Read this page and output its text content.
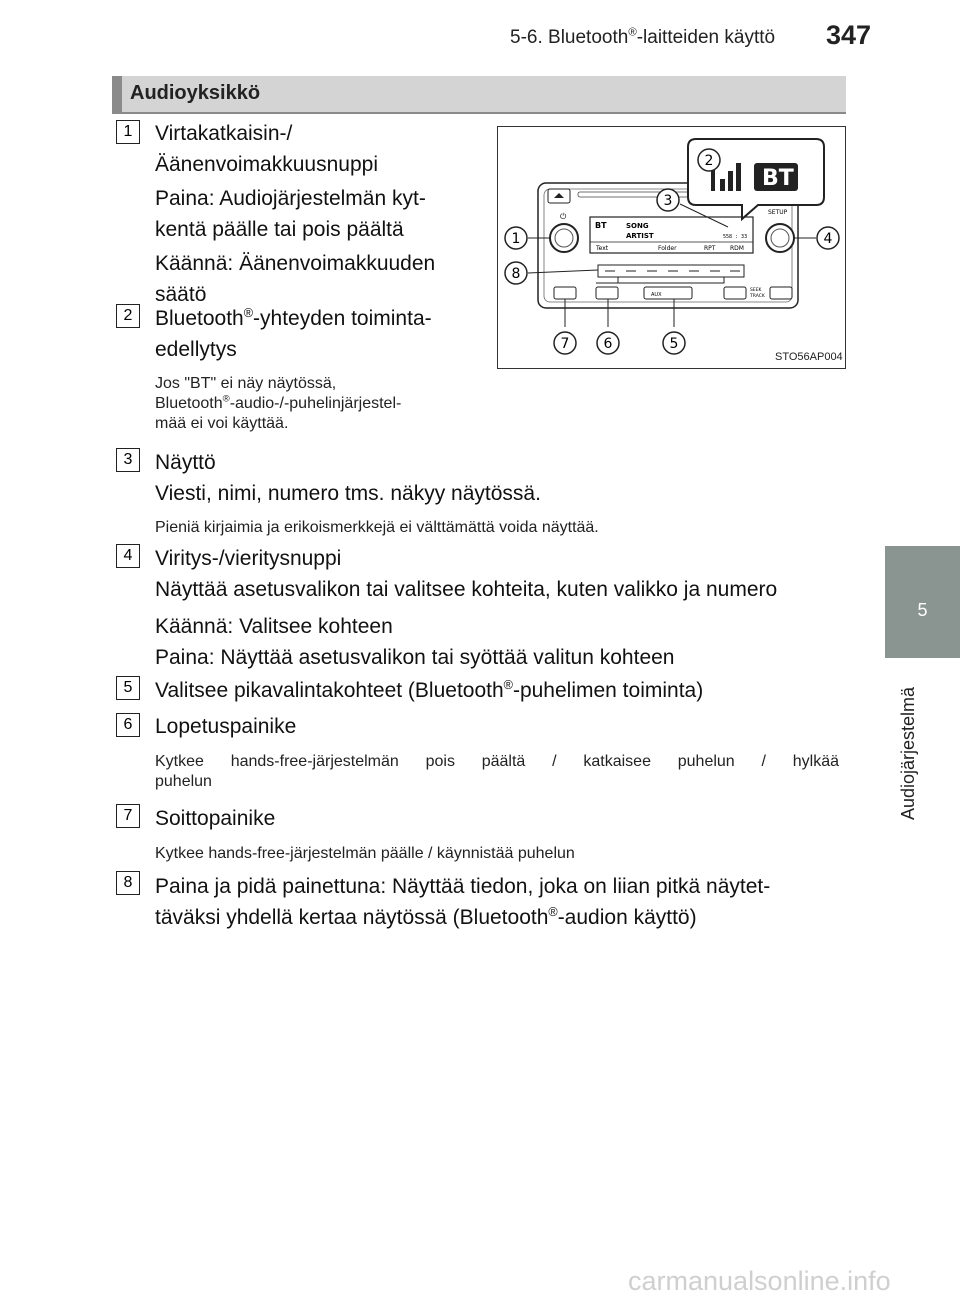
5-6. Bluetooth®-laitteiden käyttö 347
5
Audiojärjestelmä
Audioyksikkö
1	Virtakatkaisin-/
Äänenvoimakkuusnuppi
Paina: Audiojärjestelmän kyt-
kentä päälle tai pois päältä
Käännä: Äänenvoimakkuuden
säätö
2	Bluetooth®-yhteyden toiminta-
edellytys
Jos "BT" ei näy näytössä,
Bluetooth®-audio-/-puhelinjärjestel-
mää ei voi käyttää.
⏻	SETUP
BT	SONG
ARTIST	558 : 33
Text	Folder	RPT RDM
AUX
SEEK
TRACK
BT
1
2
3
4
5
6
7
8
STO56AP004
3	Näyttö
Viesti, nimi, numero tms. näkyy näytössä.
Pieniä kirjaimia ja erikoismerkkejä ei välttämättä voida näyttää.
4	Viritys-/vieritysnuppi
Näyttää asetusvalikon tai valitsee kohteita, kuten valikko ja numero
Käännä: Valitsee kohteen
Paina: Näyttää asetusvalikon tai syöttää valitun kohteen
5	Valitsee pikavalintakohteet (Bluetooth®-puhelimen toiminta)
6	Lopetuspainike
Kytkee hands-free-järjestelmän pois päältä / katkaisee puhelun / hylkää
puhelun
7	Soittopainike
Kytkee hands-free-järjestelmän päälle / käynnistää puhelun
8	Paina ja pidä painettuna: Näyttää tiedon, joka on liian pitkä näytet-
täväksi yhdellä kertaa näytössä (Bluetooth®-audion käyttö)
carmanualsonline.info
